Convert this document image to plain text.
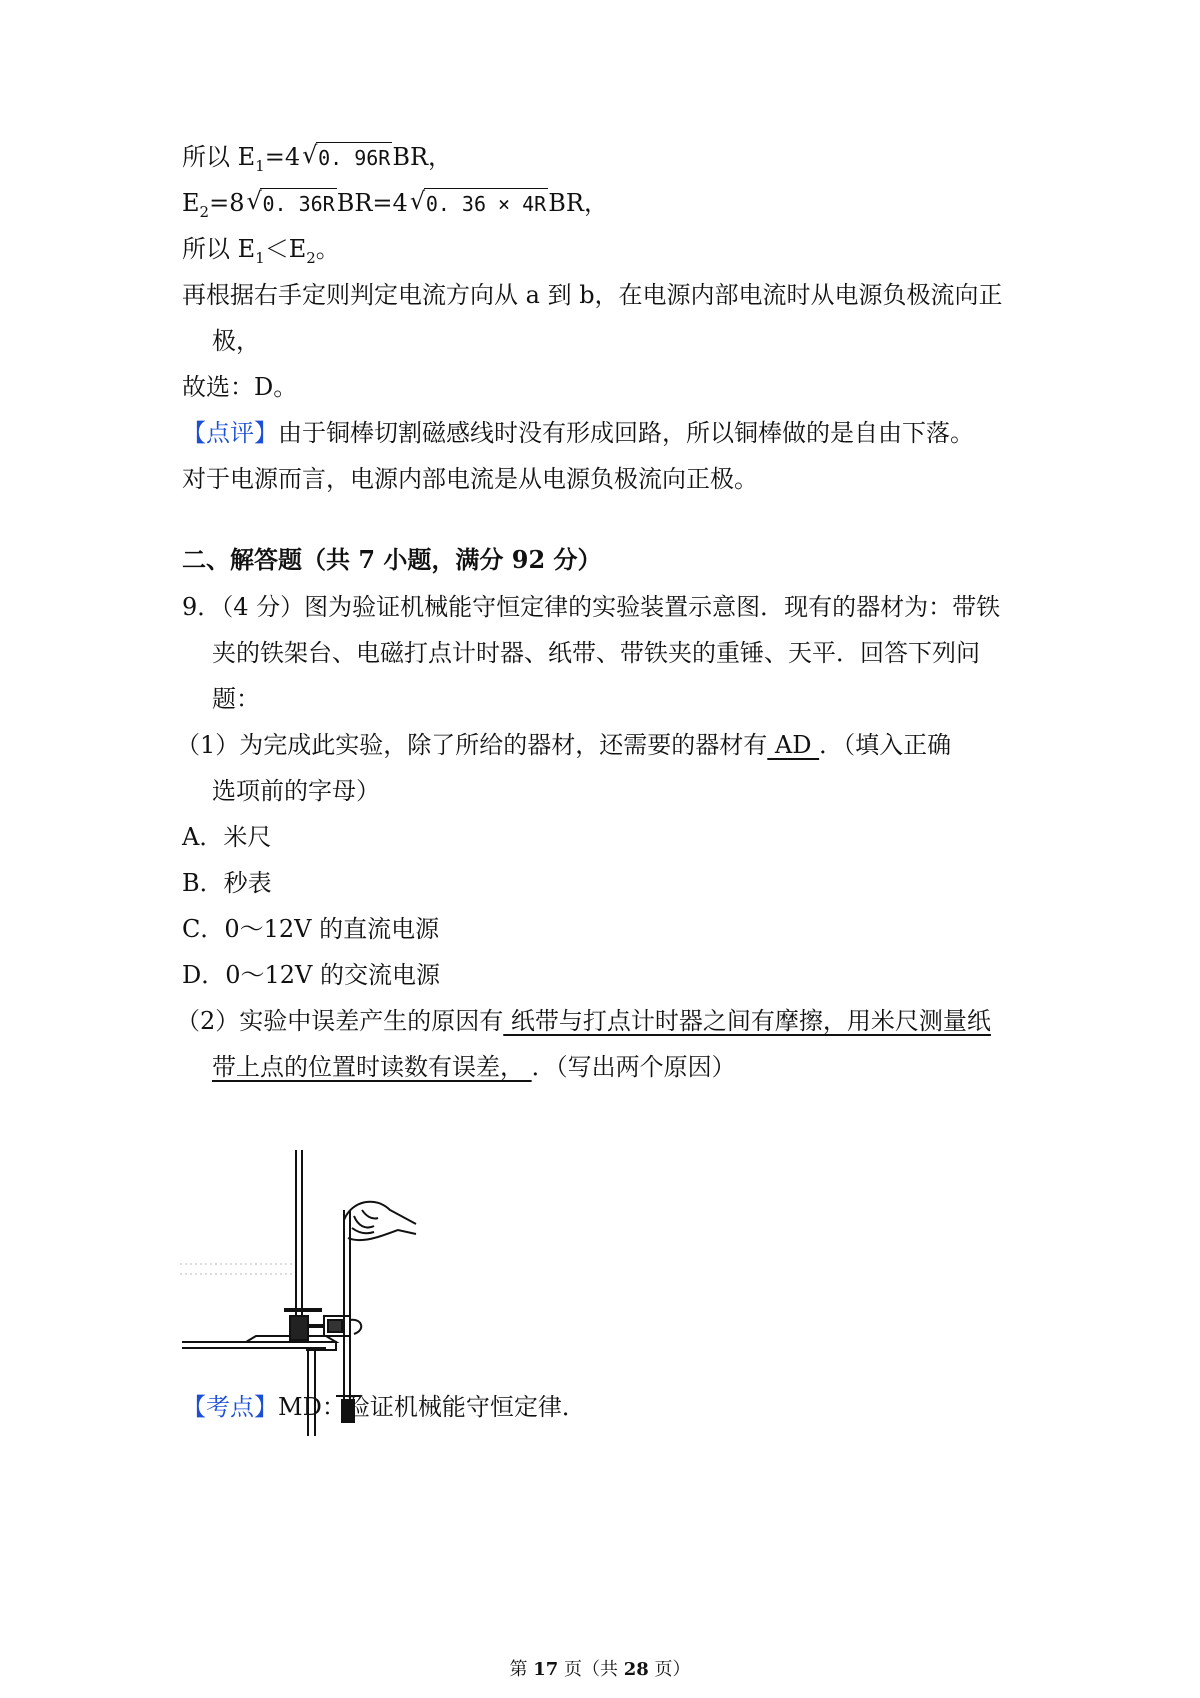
所以 $E_1=4$ √ 0. 96RBR，
$E_2=8$ √ 0. 36RBR=4 √ 0. 36 × 4RBR，
所以 $E_1<E_2$。
再根据右手定则判定电流方向从 a 到 b，在电源内部电流时从电源负极流向正
极，
故选：D。
【点评】由于铜棒切割磁感线时没有形成回路，所以铜棒做的是自由下落。
对于电源而言，电源内部电流是从电源负极流向正极。
二、解答题（共 7 小题，满分 92 分）
9．（4 分）图为验证机械能守恒定律的实验装置示意图．现有的器材为：带铁
夹的铁架台、电磁打点计时器、纸带、带铁夹的重锤、天平．回答下列问
题：
（1）为完成此实验，除了所给的器材，还需要的器材有 AD ．（填入正确
选项前的字母）
A．米尺
B．秒表
C．0～12V 的直流电源
D．0～12V 的交流电源
（2）实验中误差产生的原因有 纸带与打点计时器之间有摩擦，用米尺测量纸
带上点的位置时读数有误差， ．（写出两个原因）
【考点】MD：验证机械能守恒定律．
第 17 页（共 28 页）
